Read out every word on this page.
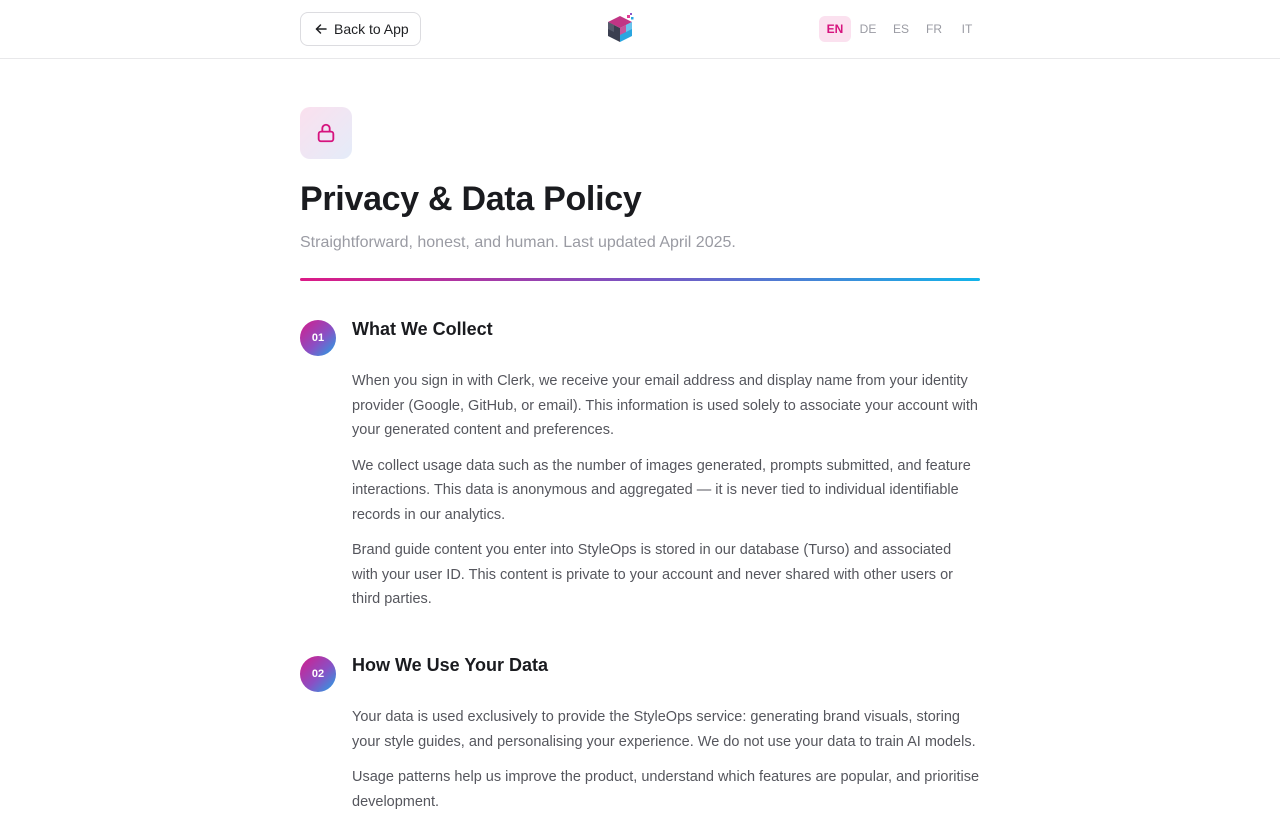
Back to App	EN	DE	ES	FR	IT
Privacy & Data Policy
Straightforward, honest, and human. Last updated April 2025.
01	What We Collect

When you sign in with Clerk, we receive your email address and display name from your identity provider (Google, GitHub, or email). This information is used solely to associate your account with your generated content and preferences.

We collect usage data such as the number of images generated, prompts submitted, and feature interactions. This data is anonymous and aggregated — it is never tied to individual identifiable records in our analytics.

Brand guide content you enter into StyleOps is stored in our database (Turso) and associated with your user ID. This content is private to your account and never shared with other users or third parties.

02	How We Use Your Data

Your data is used exclusively to provide the StyleOps service: generating brand visuals, storing your style guides, and personalising your experience. We do not use your data to train AI models.

Usage patterns help us improve the product, understand which features are popular, and prioritise development.
